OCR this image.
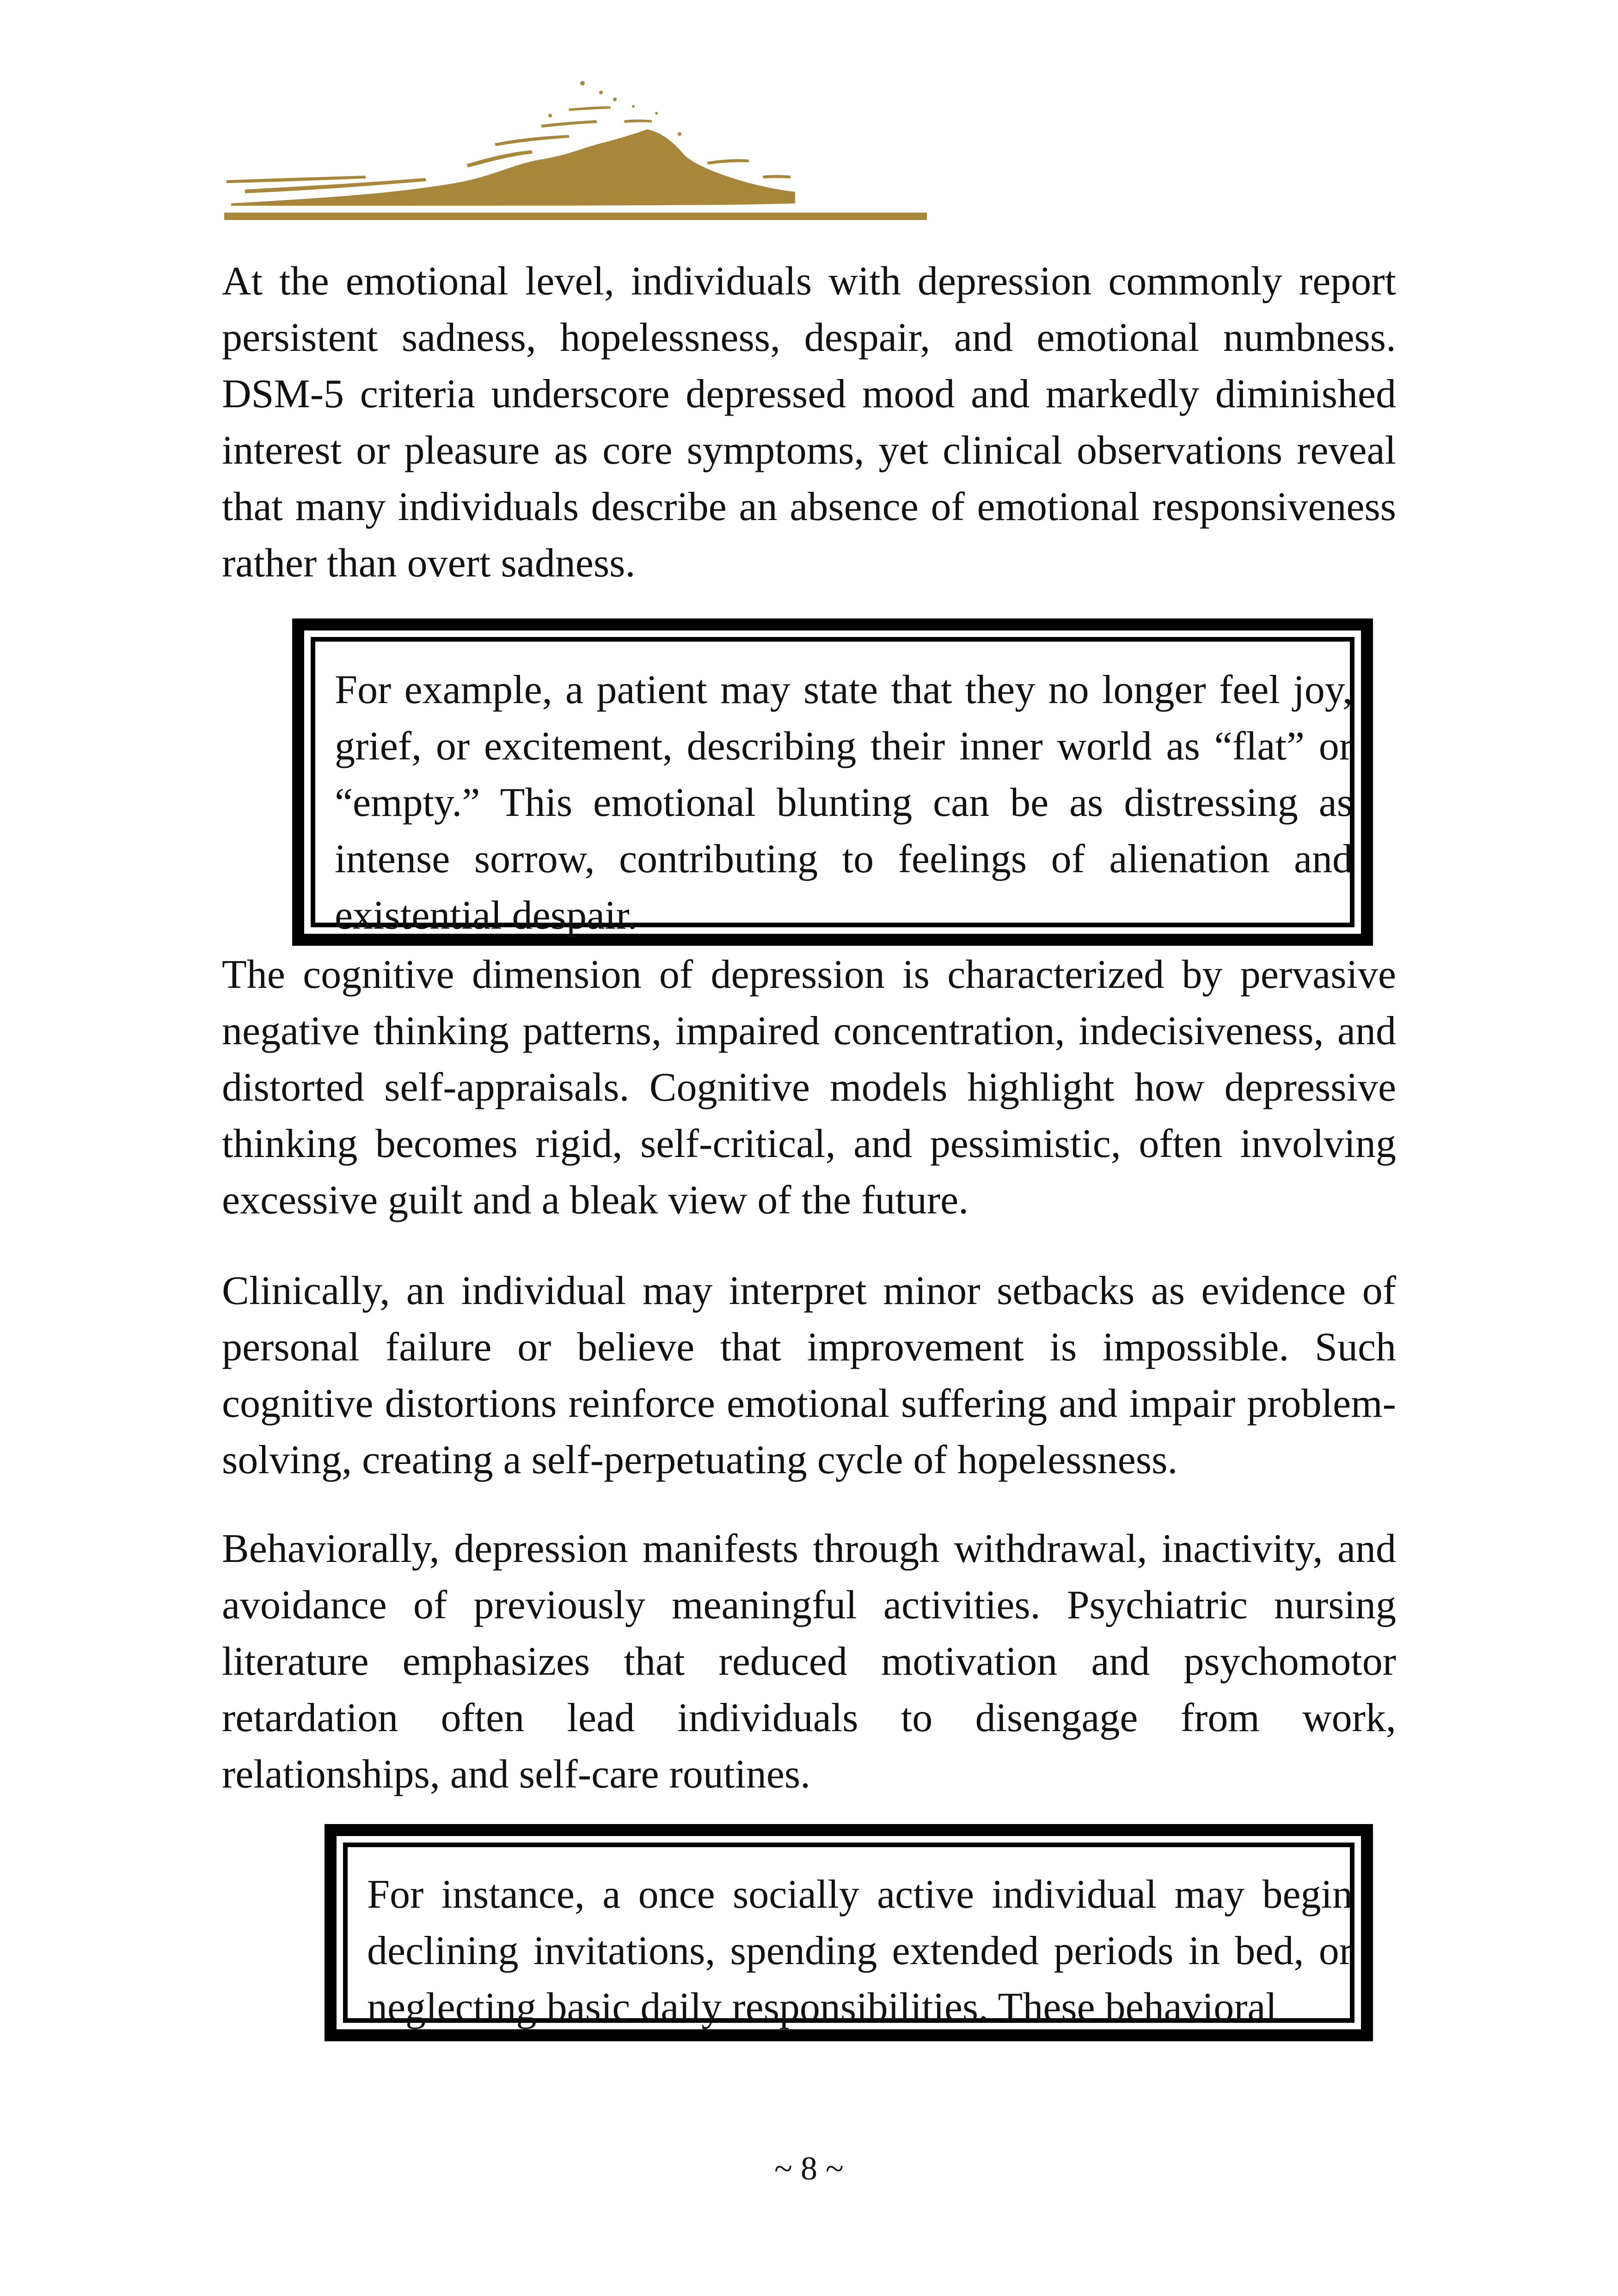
At the emotional level, individuals with depression commonly report persistent sadness, hopelessness, despair, and emotional numbness. DSM-5 criteria underscore depressed mood and markedly diminished interest or pleasure as core symptoms, yet clinical observations reveal that many individuals describe an absence of emotional responsiveness rather than overt sadness.

For example, a patient may state that they no longer feel joy, grief, or excitement, describing their inner world as “flat” or “empty.” This emotional blunting can be as distressing as intense sorrow, contributing to feelings of alienation and existential despair.

The cognitive dimension of depression is characterized by pervasive negative thinking patterns, impaired concentration, indecisiveness, and distorted self-appraisals. Cognitive models highlight how depressive thinking becomes rigid, self-critical, and pessimistic, often involving excessive guilt and a bleak view of the future.

Clinically, an individual may interpret minor setbacks as evidence of personal failure or believe that improvement is impossible. Such cognitive distortions reinforce emotional suffering and impair problem-solving, creating a self-perpetuating cycle of hopelessness.

Behaviorally, depression manifests through withdrawal, inactivity, and avoidance of previously meaningful activities. Psychiatric nursing literature emphasizes that reduced motivation and psychomotor retardation often lead individuals to disengage from work, relationships, and self-care routines.

For instance, a once socially active individual may begin declining invitations, spending extended periods in bed, or neglecting basic daily responsibilities. These behavioral

~ 8 ~
